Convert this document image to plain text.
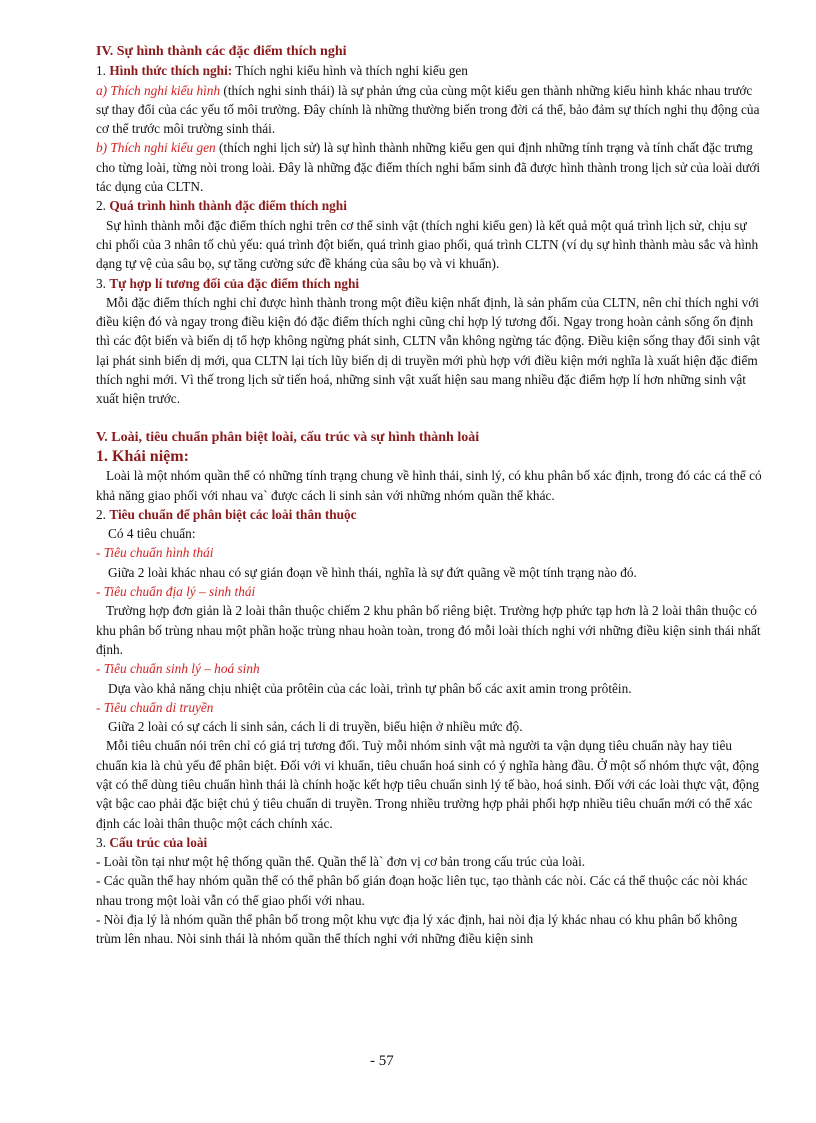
IV. Sự hình thành các đặc điểm thích nghi

1. Hình thức thích nghi: Thích nghi kiểu hình và thích nghi kiểu gen

a) Thích nghi kiểu hình (thích nghi sinh thái) là sự phản ứng của cùng một kiểu gen thành những kiểu hình khác nhau trước sự thay đổi của các yếu tố môi trường. Đây chính là những thường biến trong đời cá thể, bảo đảm sự thích nghi thụ động của cơ thể trước môi trường sinh thái.

b) Thích nghi kiểu gen (thích nghi lịch sử) là sự hình thành những kiểu gen qui định những tính trạng và tính chất đặc trưng cho từng loài, từng nòi trong loài. Đây là những đặc điểm thích nghi bẩm sinh đã được hình thành trong lịch sử của loài dưới tác dụng của CLTN.

2. Quá trình hình thành đặc điểm thích nghi

Sự hình thành mỗi đặc điểm thích nghi trên cơ thể sinh vật (thích nghi kiểu gen) là kết quả một quá trình lịch sử, chịu sự chi phối của 3 nhân tố chủ yếu: quá trình đột biến, quá trình giao phối, quá trình CLTN (ví dụ sự hình thành màu sắc và hình dạng tự vệ của sâu bọ, sự tăng cường sức đề kháng của sâu bọ và vi khuẩn).

3. Tự hợp lí tương đối của đặc điểm thích nghi

Mỗi đặc điểm thích nghi chỉ được hình thành trong một điều kiện nhất định, là sản phẩm của CLTN, nên chỉ thích nghi với điều kiện đó và ngay trong điều kiện đó đặc điểm thích nghi cũng chỉ hợp lý tương đối. Ngay trong hoàn cảnh sống ổn định thì các đột biến và biến dị tổ hợp không ngừng phát sinh, CLTN vẫn không ngừng tác động. Điều kiện sống thay đổi sinh vật lại phát sinh biến dị mới, qua CLTN lại tích lũy biến dị di truyền mới phù hợp với điều kiện mới nghĩa là xuất hiện đặc điểm thích nghi mới. Vì thế trong lịch sử tiến hoá, những sinh vật xuất hiện sau mang nhiều đặc điểm hợp lí hơn những sinh vật xuất hiện trước.

V. Loài, tiêu chuẩn phân biệt loài, cấu trúc và sự hình thành loài

1. Khái niệm:

Loài là một nhóm quần thể có những tính trạng chung về hình thái, sinh lý, có khu phân bố xác định, trong đó các cá thể có khả năng giao phối với nhau va` được cách li sinh sản với những nhóm quần thể khác.

2. Tiêu chuẩn để phân biệt các loài thân thuộc

Có 4 tiêu chuẩn:

- Tiêu chuẩn hình thái

Giữa 2 loài khác nhau có sự gián đoạn về hình thái, nghĩa là sự đứt quãng về một tính trạng nào đó.

- Tiêu chuẩn địa lý – sinh thái

Trường hợp đơn giản là 2 loài thân thuộc chiếm 2 khu phân bố riêng biệt. Trường hợp phức tạp hơn là 2 loài thân thuộc có khu phân bố trùng nhau một phần hoặc trùng nhau hoàn toàn, trong đó mỗi loài thích nghi với những điều kiện sinh thái nhất định.

- Tiêu chuẩn sinh lý – hoá sinh

Dựa vào khả năng chịu nhiệt của prôtêin của các loài, trình tự phân bố các axit amin trong prôtêin.

- Tiêu chuẩn di truyền

Giữa 2 loài có sự cách li sinh sản, cách li di truyền, biểu hiện ở nhiều mức độ.

Mỗi tiêu chuẩn nói trên chỉ có giá trị tương đối. Tuỳ mỗi nhóm sinh vật mà người ta vận dụng tiêu chuẩn này hay tiêu chuẩn kia là chủ yếu để phân biệt. Đối với vi khuẩn, tiêu chuẩn hoá sinh có ý nghĩa hàng đầu. Ở một số nhóm thực vật, động vật có thể dùng tiêu chuẩn hình thái là chính hoặc kết hợp tiêu chuẩn sinh lý tế bào, hoá sinh. Đối với các loài thực vật, động vật bậc cao phải đặc biệt chú ý tiêu chuẩn di truyền. Trong nhiều trường hợp phải phối hợp nhiều tiêu chuẩn mới có thể xác định các loài thân thuộc một cách chính xác.

3. Cấu trúc của loài

- Loài tồn tại như một hệ thống quần thể. Quần thể là` đơn vị cơ bản trong cấu trúc của loài.

- Các quần thể hay nhóm quần thể có thể phân bố gián đoạn hoặc liên tục, tạo thành các nòi. Các cá thể thuộc các nòi khác nhau trong một loài vẫn có thể giao phối với nhau.

- Nòi địa lý là nhóm quần thể phân bố trong một khu vực địa lý xác định, hai nòi địa lý khác nhau có khu phân bố không trùm lên nhau. Nòi sinh thái là nhóm quần thể thích nghi với những điều kiện sinh

- 57
